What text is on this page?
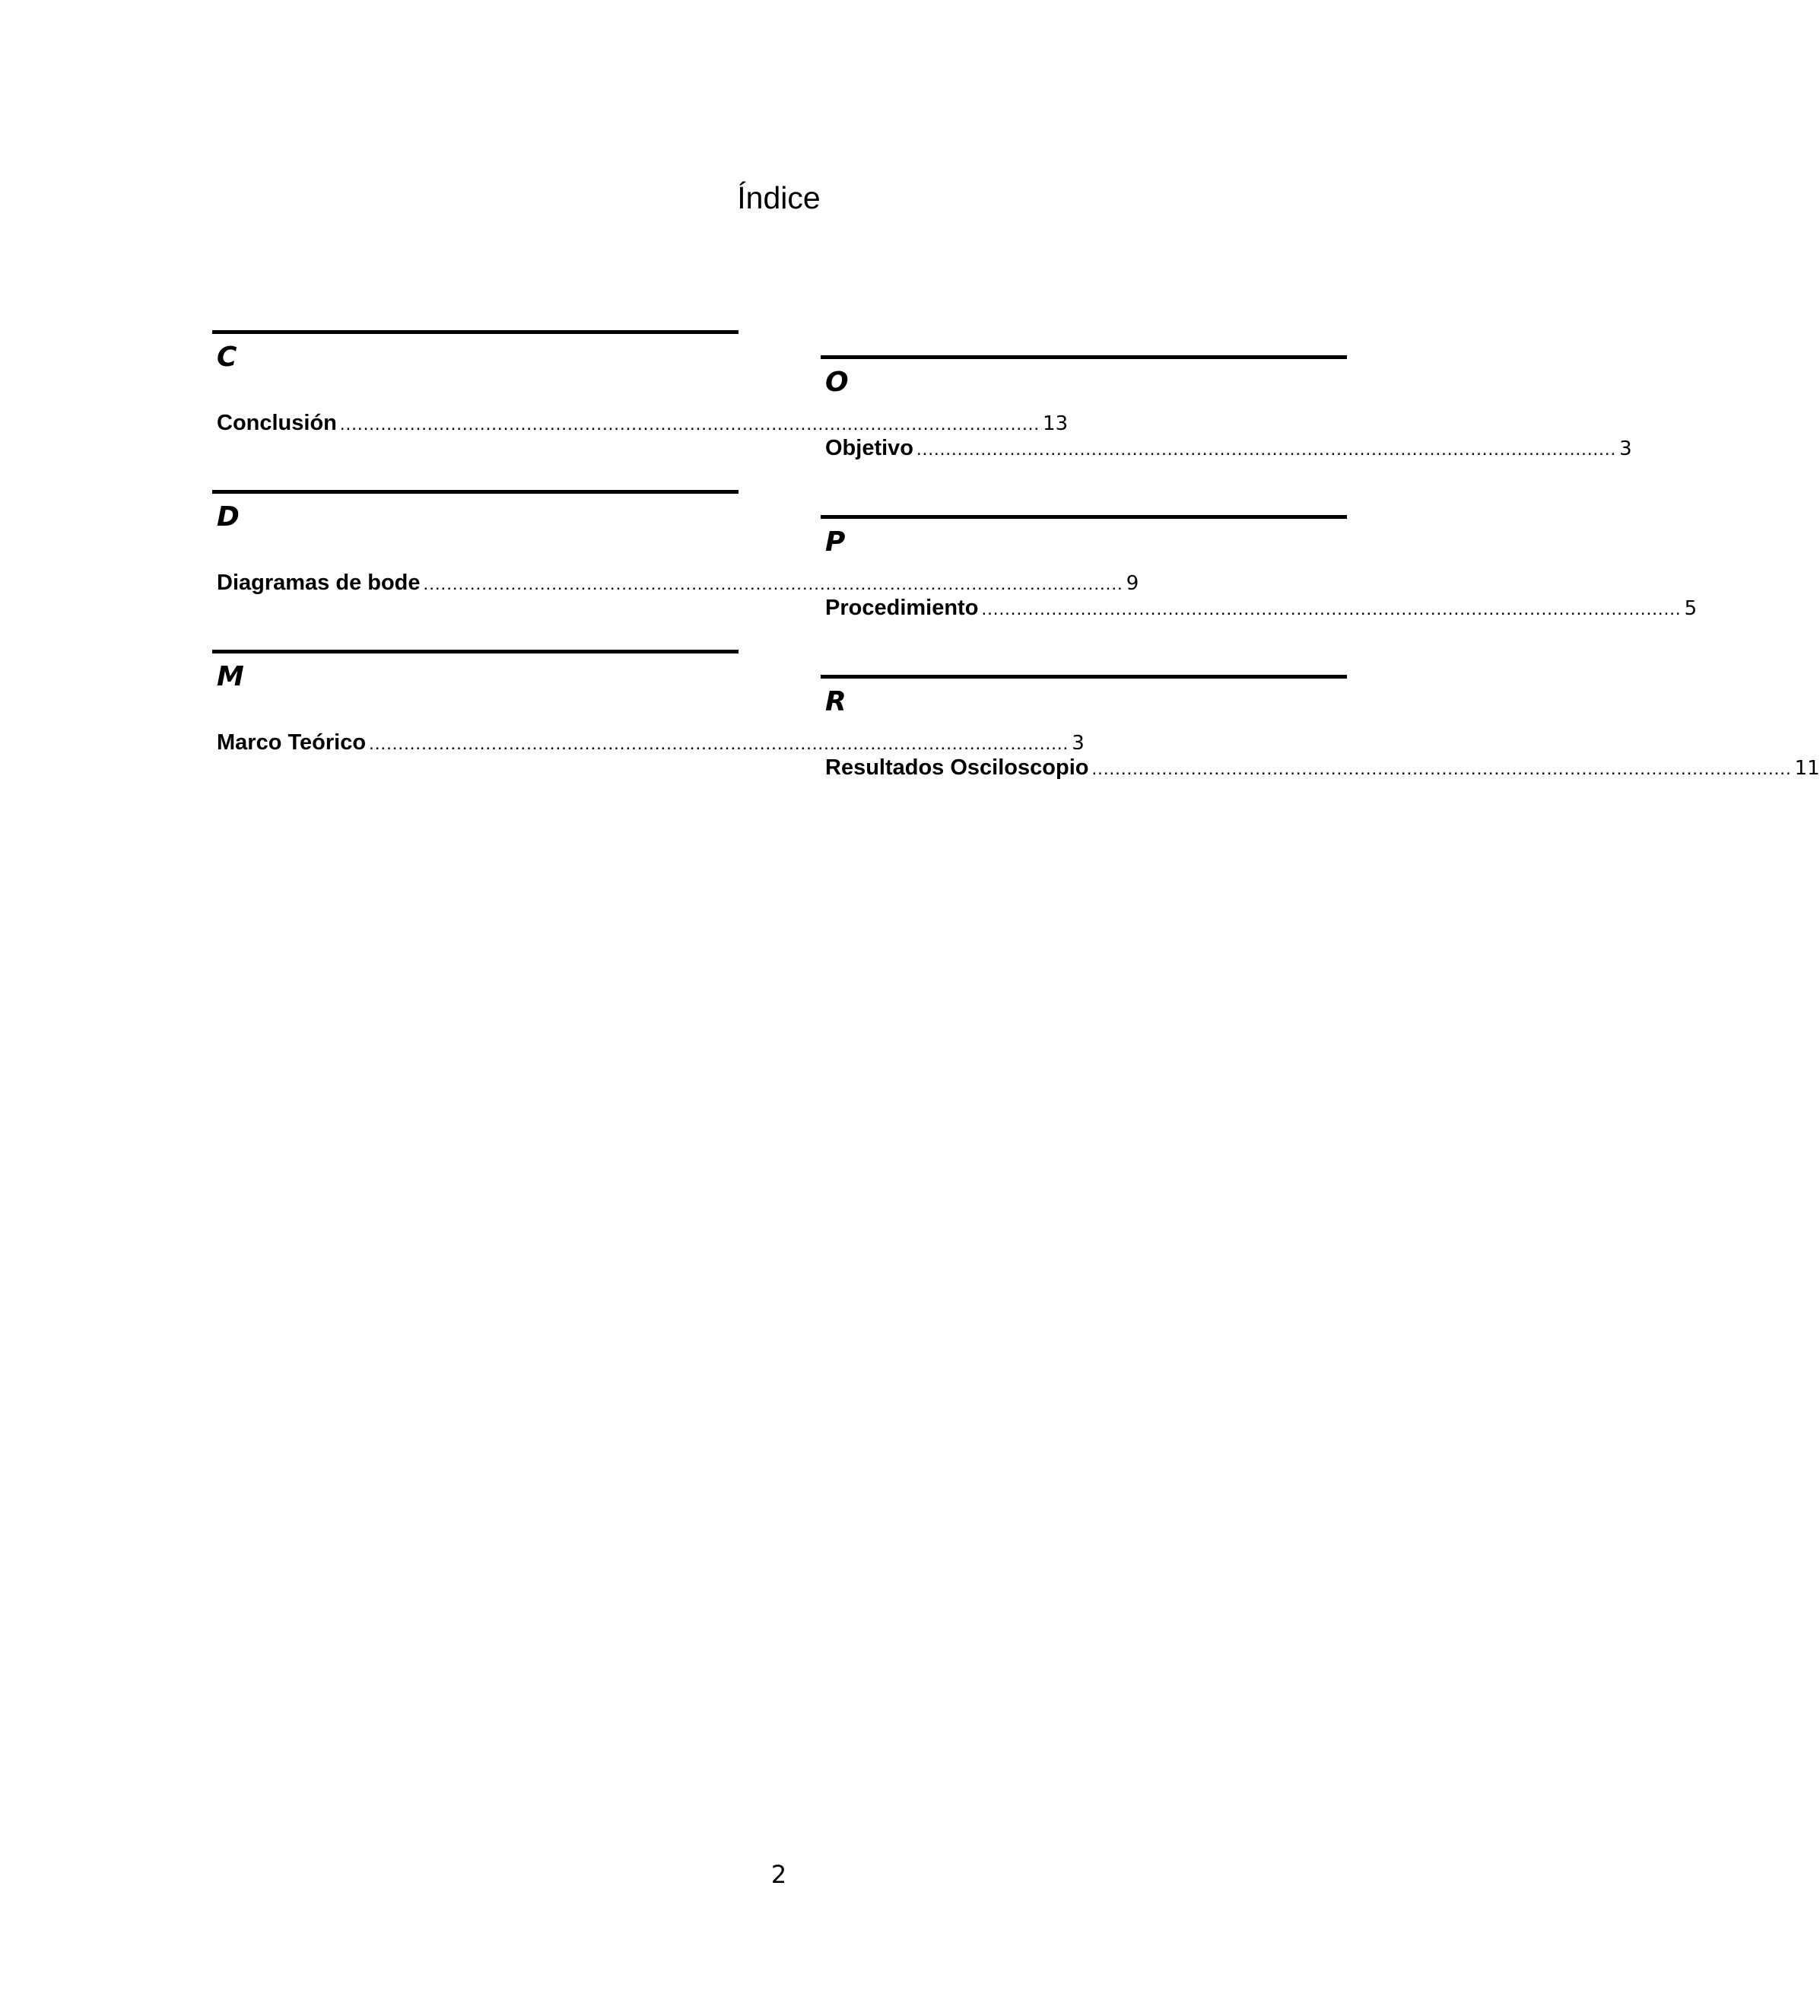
Índice
C
Conclusión ........................................................................................................................ 13
D
Diagramas de bode ........................................................................................................................ 9
M
Marco Teórico ........................................................................................................................ 3
O
Objetivo ........................................................................................................................ 3
P
Procedimiento ........................................................................................................................ 5
R
Resultados Osciloscopio ........................................................................................................................ 11
2
